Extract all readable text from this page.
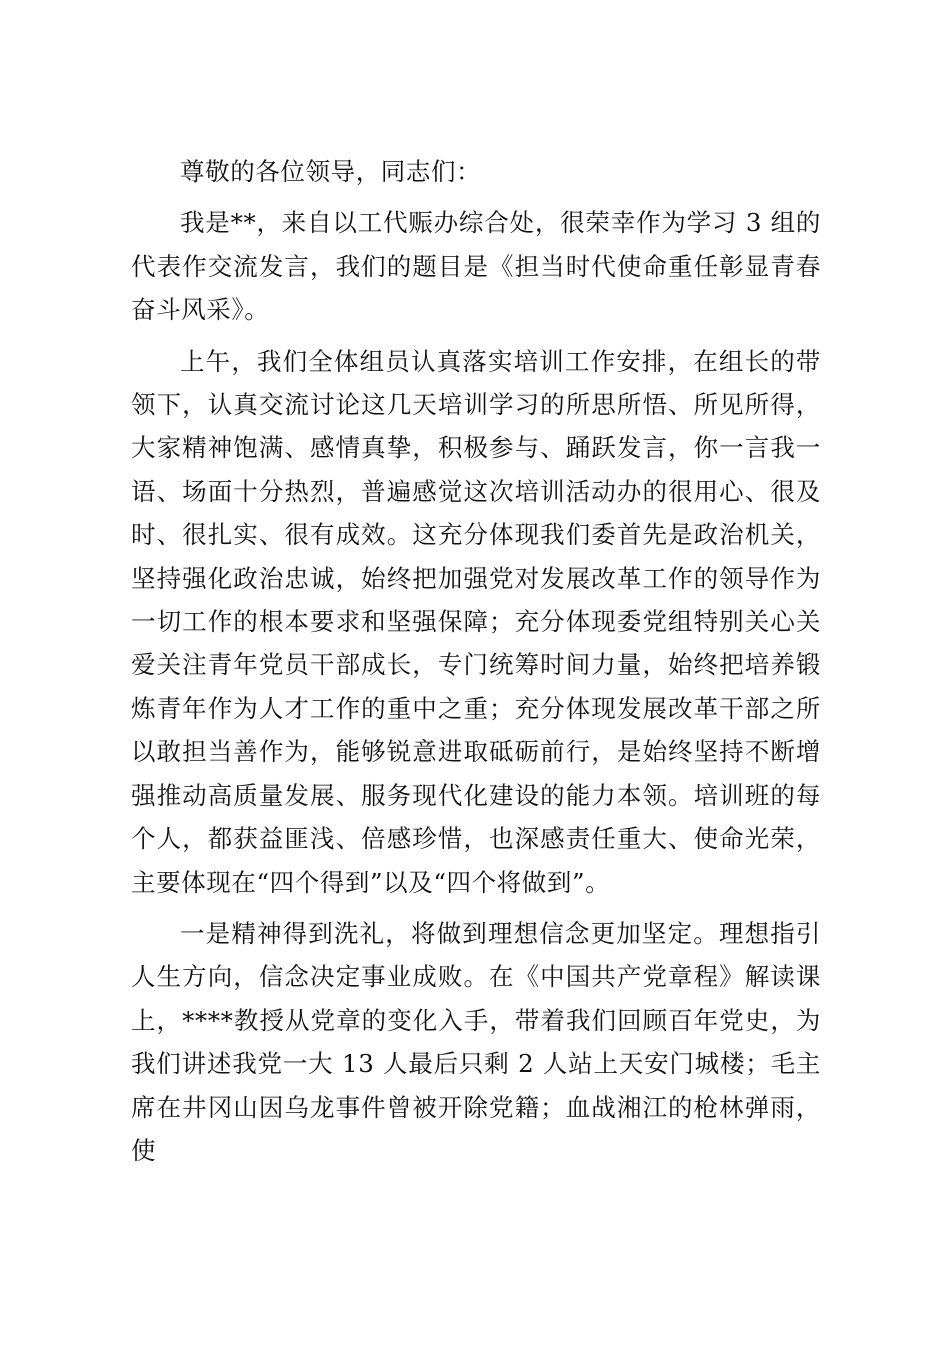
尊敬的各位领导，同志们：

我是**，来自以工代赈办综合处，很荣幸作为学习 3 组的代表作交流发言，我们的题目是《担当时代使命重任彰显青春奋斗风采》。

上午，我们全体组员认真落实培训工作安排，在组长的带领下，认真交流讨论这几天培训学习的所思所悟、所见所得，大家精神饱满、感情真挚，积极参与、踊跃发言，你一言我一语、场面十分热烈，普遍感觉这次培训活动办的很用心、很及时、很扎实、很有成效。这充分体现我们委首先是政治机关，坚持强化政治忠诚，始终把加强党对发展改革工作的领导作为一切工作的根本要求和坚强保障；充分体现委党组特别关心关爱关注青年党员干部成长，专门统筹时间力量，始终把培养锻炼青年作为人才工作的重中之重；充分体现发展改革干部之所以敢担当善作为，能够锐意进取砥砺前行，是始终坚持不断增强推动高质量发展、服务现代化建设的能力本领。培训班的每个人，都获益匪浅、倍感珍惜，也深感责任重大、使命光荣，主要体现在“四个得到”以及“四个将做到”。

一是精神得到洗礼，将做到理想信念更加坚定。理想指引人生方向，信念决定事业成败。在《中国共产党章程》解读课上，****教授从党章的变化入手，带着我们回顾百年党史，为我们讲述我党一大 13 人最后只剩 2 人站上天安门城楼；毛主席在井冈山因乌龙事件曾被开除党籍；血战湘江的枪林弹雨，使
